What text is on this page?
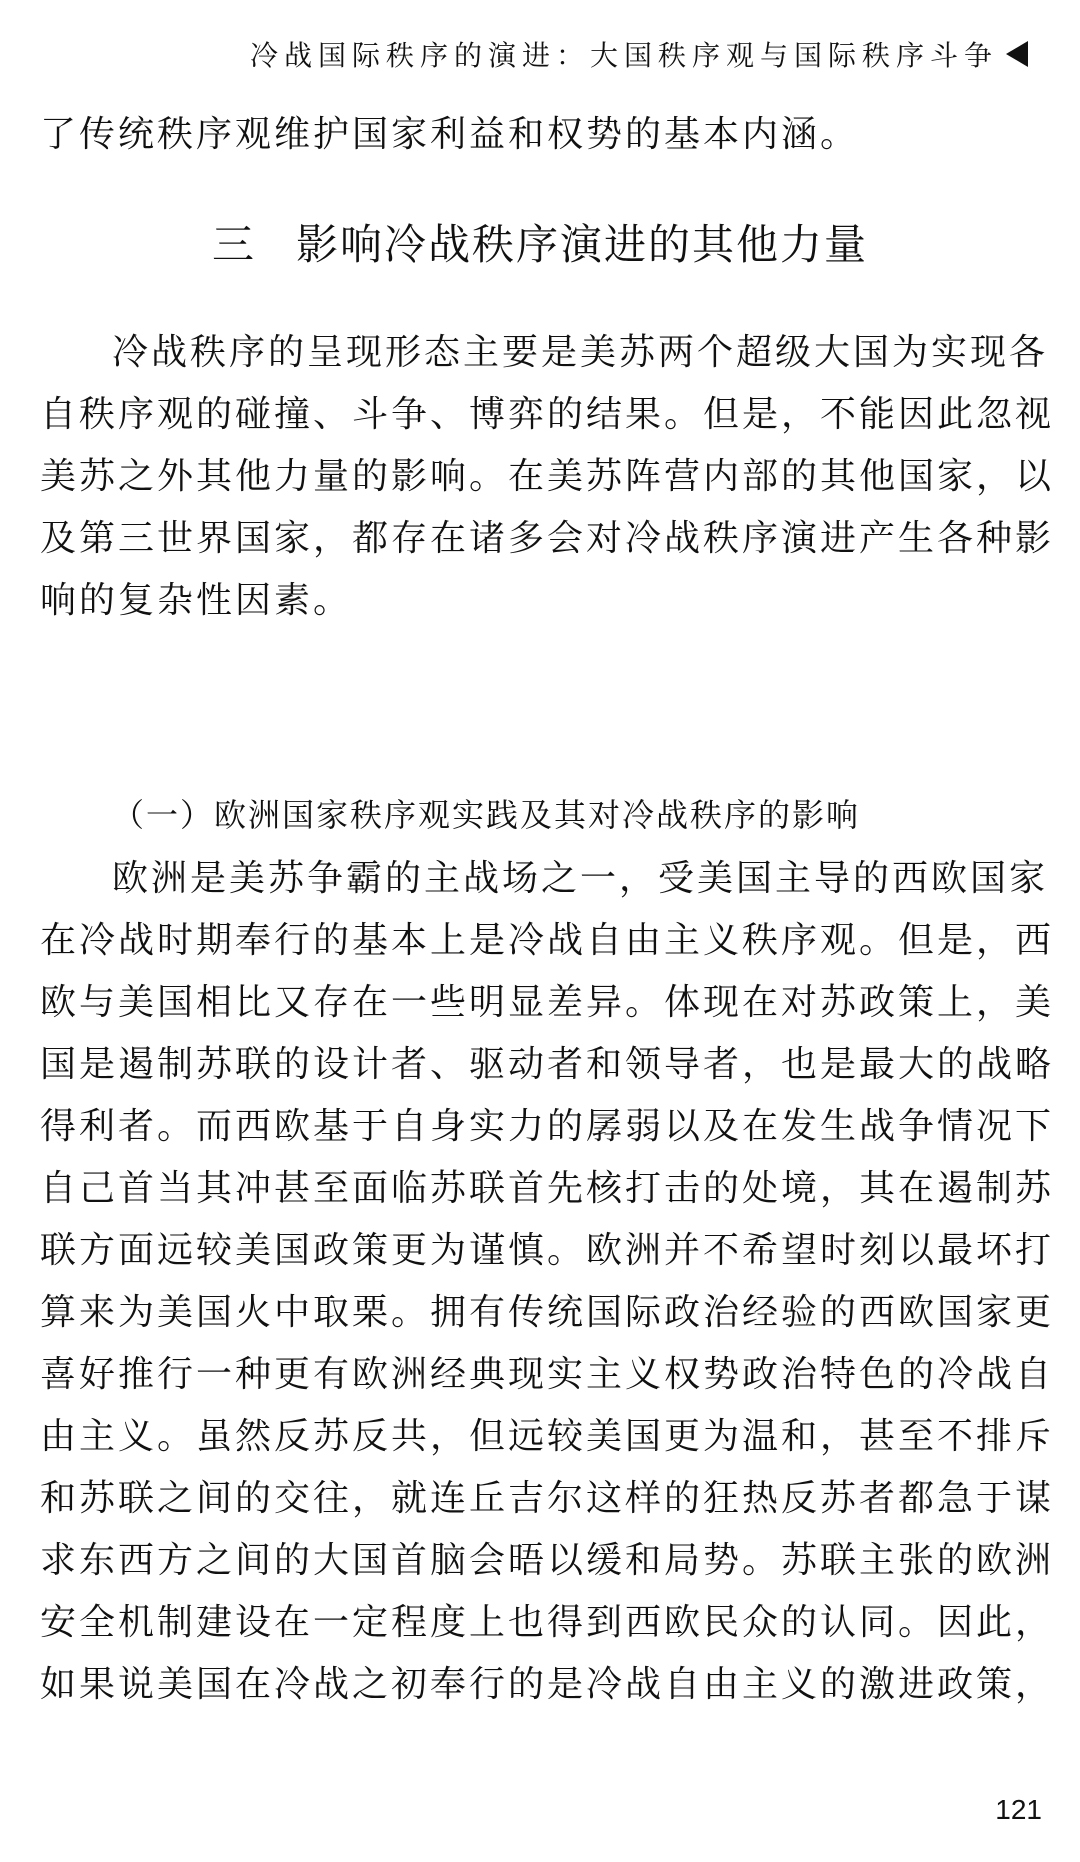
冷战国际秩序的演进：大国秩序观与国际秩序斗争
了传统秩序观维护国家利益和权势的基本内涵。
三 影响冷战秩序演进的其他力量
冷战秩序的呈现形态主要是美苏两个超级大国为实现各
自秩序观的碰撞、斗争、博弈的结果。但是，不能因此忽视
美苏之外其他力量的影响。在美苏阵营内部的其他国家，以
及第三世界国家，都存在诸多会对冷战秩序演进产生各种影
响的复杂性因素。
（一）欧洲国家秩序观实践及其对冷战秩序的影响
欧洲是美苏争霸的主战场之一，受美国主导的西欧国家
在冷战时期奉行的基本上是冷战自由主义秩序观。但是，西
欧与美国相比又存在一些明显差异。体现在对苏政策上，美
国是遏制苏联的设计者、驱动者和领导者，也是最大的战略
得利者。而西欧基于自身实力的孱弱以及在发生战争情况下
自己首当其冲甚至面临苏联首先核打击的处境，其在遏制苏
联方面远较美国政策更为谨慎。欧洲并不希望时刻以最坏打
算来为美国火中取栗。拥有传统国际政治经验的西欧国家更
喜好推行一种更有欧洲经典现实主义权势政治特色的冷战自
由主义。虽然反苏反共，但远较美国更为温和，甚至不排斥
和苏联之间的交往，就连丘吉尔这样的狂热反苏者都急于谋
求东西方之间的大国首脑会晤以缓和局势。苏联主张的欧洲
安全机制建设在一定程度上也得到西欧民众的认同。因此，
如果说美国在冷战之初奉行的是冷战自由主义的激进政策，
121
